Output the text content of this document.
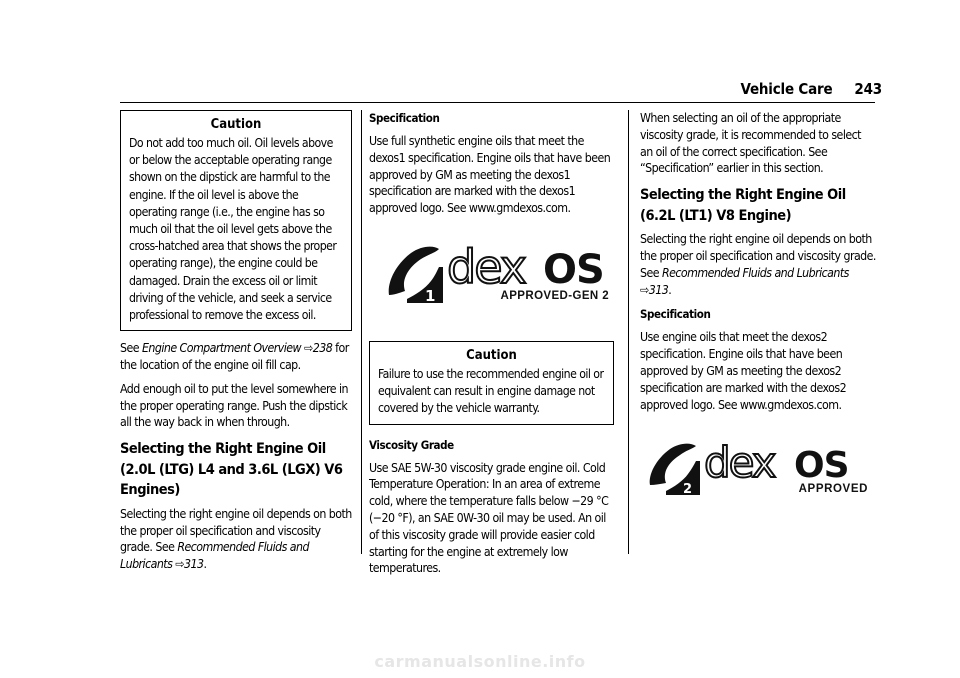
Vehicle Care 243
Caution
Do not add too much oil. Oil levels above or below the acceptable operating range shown on the dipstick are harmful to the engine. If the oil level is above the operating range (i.e., the engine has so much oil that the oil level gets above the cross-hatched area that shows the proper operating range), the engine could be damaged. Drain the excess oil or limit driving of the vehicle, and seek a service professional to remove the excess oil.

See Engine Compartment Overview ⇨238 for the location of the engine oil fill cap.

Add enough oil to put the level somewhere in the proper operating range. Push the dipstick all the way back in when through.

Selecting the Right Engine Oil (2.0L (LTG) L4 and 3.6L (LGX) V6 Engines)

Selecting the right engine oil depends on both the proper oil specification and viscosity grade. See Recommended Fluids and Lubricants ⇨313.

Specification

Use full synthetic engine oils that meet the dexos1 specification. Engine oils that have been approved by GM as meeting the dexos1 specification are marked with the dexos1 approved logo. See www.gmdexos.com.

1
dex OS
APPROVED-GEN 2
Caution
Failure to use the recommended engine oil or equivalent can result in engine damage not covered by the vehicle warranty.

Viscosity Grade

Use SAE 5W-30 viscosity grade engine oil. Cold Temperature Operation: In an area of extreme cold, where the temperature falls below −29 °C (−20 °F), an SAE 0W-30 oil may be used. An oil of this viscosity grade will provide easier cold starting for the engine at extremely low temperatures.

When selecting an oil of the appropriate viscosity grade, it is recommended to select an oil of the correct specification. See “Specification” earlier in this section.

Selecting the Right Engine Oil (6.2L (LT1) V8 Engine)

Selecting the right engine oil depends on both the proper oil specification and viscosity grade. See Recommended Fluids and Lubricants ⇨313.

Specification

Use engine oils that meet the dexos2 specification. Engine oils that have been approved by GM as meeting the dexos2 specification are marked with the dexos2 approved logo. See www.gmdexos.com.

2
dex OS
APPROVED
carmanualsonline.info
